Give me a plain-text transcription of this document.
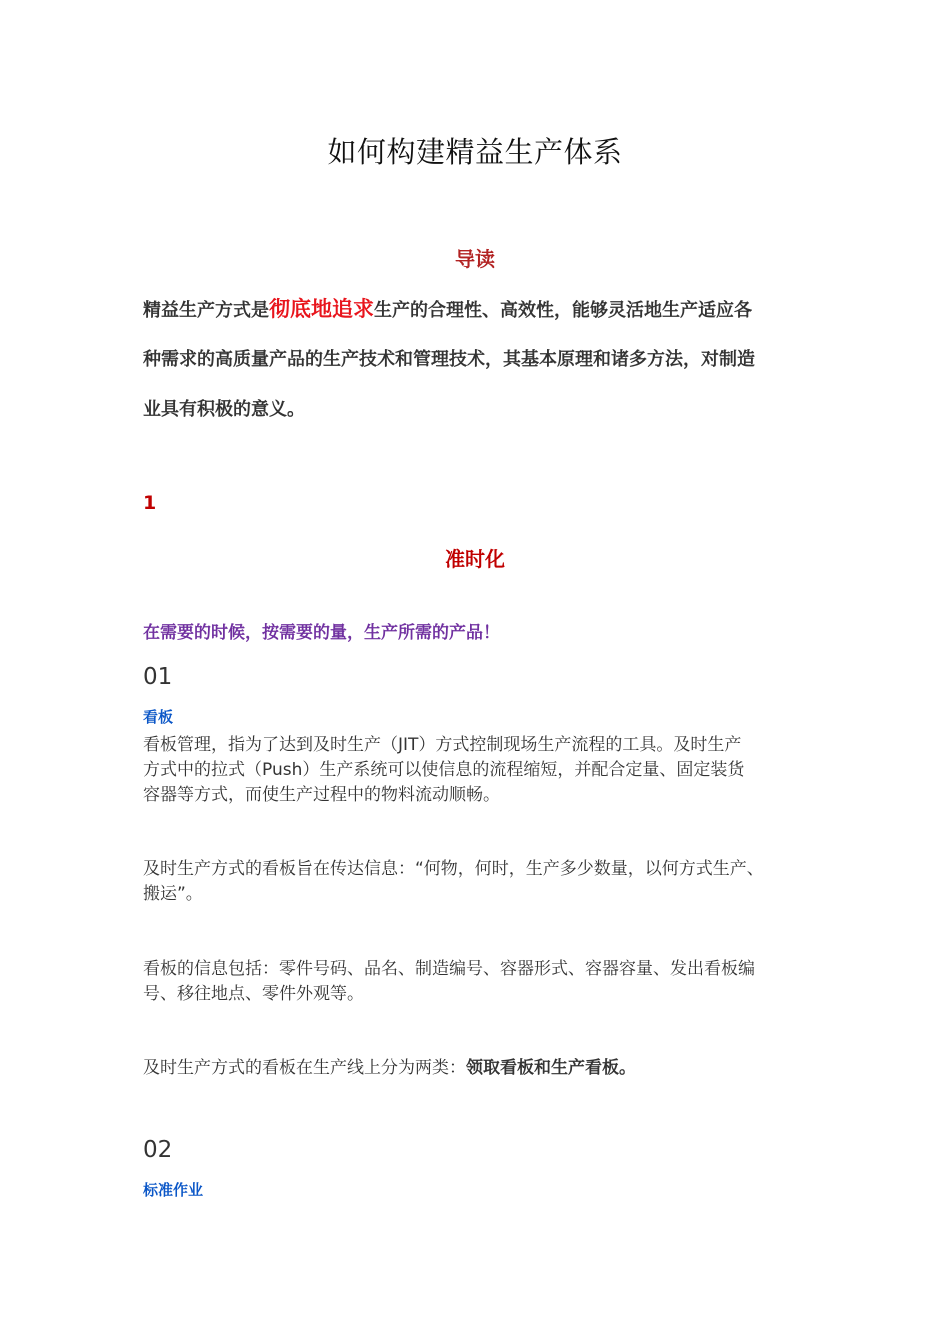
如何构建精益生产体系
导读
精益生产方式是彻底地追求生产的合理性、高效性，能够灵活地生产适应各
种需求的高质量产品的生产技术和管理技术，其基本原理和诸多方法，对制造
业具有积极的意义。
1
准时化
在需要的时候，按需要的量，生产所需的产品！
01
看板
看板管理，指为了达到及时生产（JIT）方式控制现场生产流程的工具。及时生产
方式中的拉式（Push）生产系统可以使信息的流程缩短，并配合定量、固定装货
容器等方式，而使生产过程中的物料流动顺畅。
及时生产方式的看板旨在传达信息：“何物，何时，生产多少数量，以何方式生产、
搬运”。
看板的信息包括：零件号码、品名、制造编号、容器形式、容器容量、发出看板编
号、移往地点、零件外观等。
及时生产方式的看板在生产线上分为两类：领取看板和生产看板。
02
标准作业
